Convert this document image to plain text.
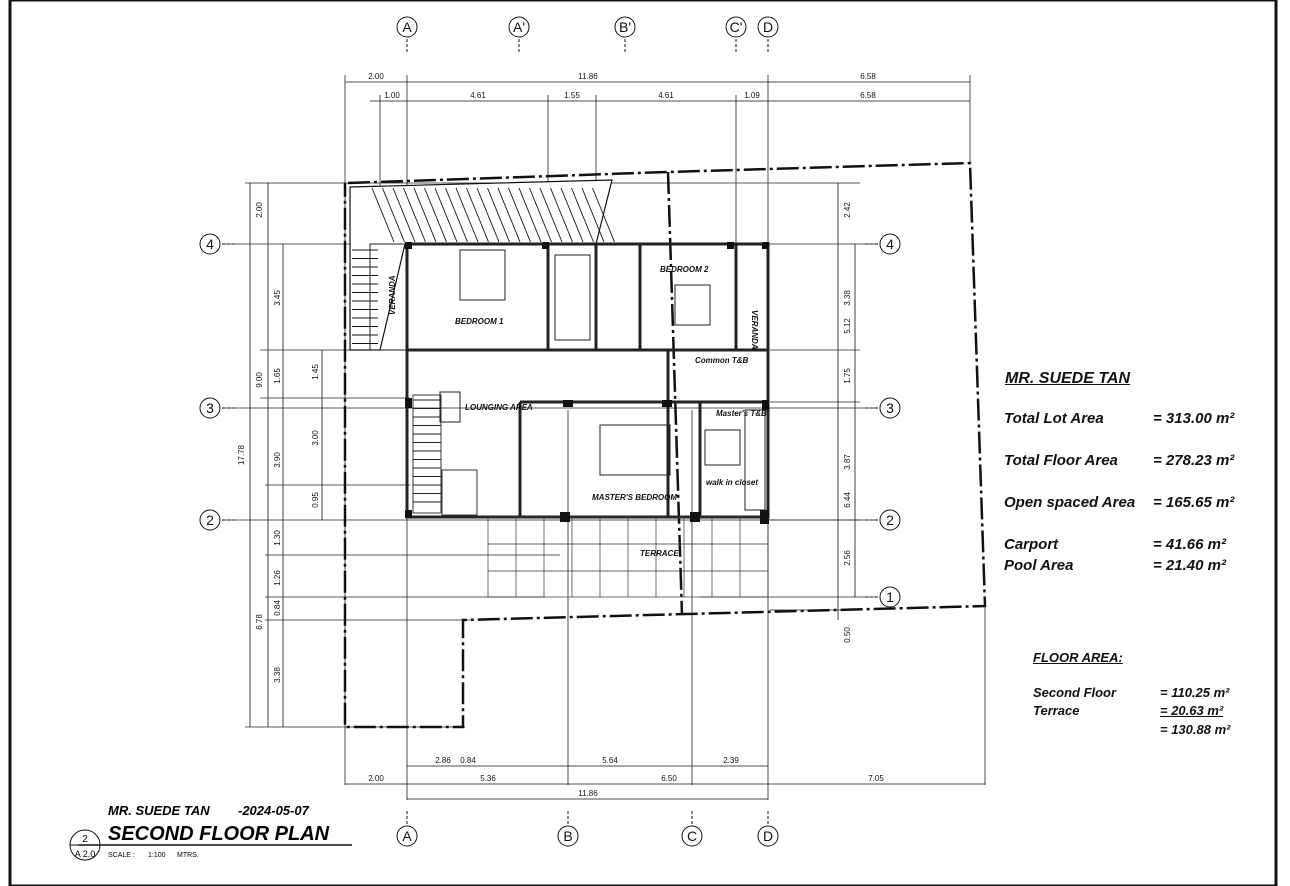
A	A'	B'	C' D
A	B	C	D
4
3
2
4
3
2
1
2.00	11.86	6.58
1.00	4.61	1.55	4.61	1.09	6.58
2.86 0.84	5.64	2.39
2.00	5.36	6.50	7.05
11.86
17.78
2.00
9.00
6.78
3.45
1.65
3.90
1.30
1.26
0.84
3.38
1.45
3.00
0.95
2.42
3.38
1.75
3.87
2.56
0.50
5.12
6.44
BEDROOM 1
BEDROOM 2
VERANDA
VERANDA
Common T&B
LOUNGING AREA
Master's T&B
MASTER'S BEDROOM
walk in closet
TERRACE
2
A 2.0
MR. SUEDE TAN -2024-05-07
SECOND FLOOR PLAN
SCALE : 1:100 MTRS.
MR. SUEDE TAN
Total Lot Area	= 313.00 m²
Total Floor Area = 278.23 m²
Open spaced Area = 165.65 m²
Carport	= 41.66 m²
Pool Area	= 21.40 m²
FLOOR AREA:
Second Floor	= 110.25 m²
Terrace	= 20.63 m²
= 130.88 m²
